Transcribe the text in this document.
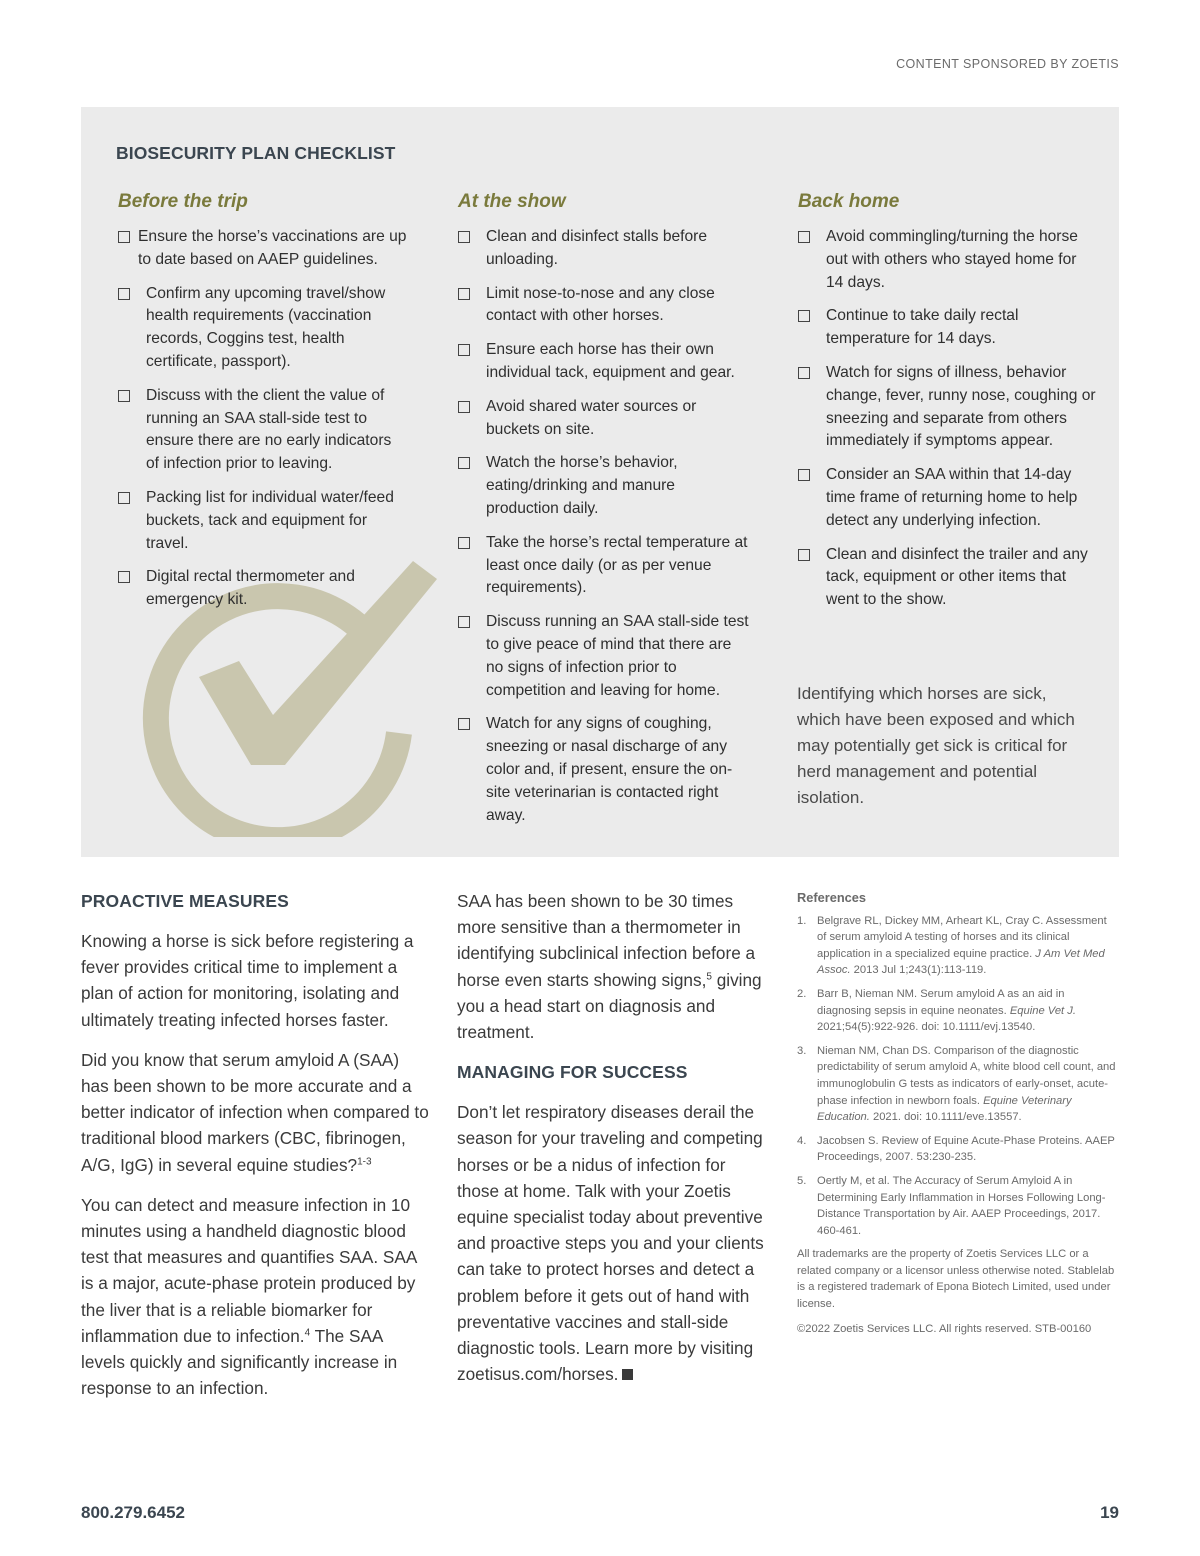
CONTENT SPONSORED BY ZOETIS
BIOSECURITY PLAN CHECKLIST
Before the trip
Ensure the horse’s vaccinations are up to date based on AAEP guidelines.
Confirm any upcoming travel/show health requirements (vaccination records, Coggins test, health certificate, passport).
Discuss with the client the value of running an SAA stall-side test to ensure there are no early indicators of infection prior to leaving.
Packing list for individual water/feed buckets, tack and equipment for travel.
Digital rectal thermometer and emergency kit.
At the show
Clean and disinfect stalls before unloading.
Limit nose-to-nose and any close contact with other horses.
Ensure each horse has their own individual tack, equipment and gear.
Avoid shared water sources or buckets on site.
Watch the horse’s behavior, eating/drinking and manure production daily.
Take the horse’s rectal temperature at least once daily (or as per venue requirements).
Discuss running an SAA stall-side test to give peace of mind that there are no signs of infection prior to competition and leaving for home.
Watch for any signs of coughing, sneezing or nasal discharge of any color and, if present, ensure the on-site veterinarian is contacted right away.
Back home
Avoid commingling/turning the horse out with others who stayed home for 14 days.
Continue to take daily rectal temperature for 14 days.
Watch for signs of illness, behavior change, fever, runny nose, coughing or sneezing and separate from others immediately if symptoms appear.
Consider an SAA within that 14-day time frame of returning home to help detect any underlying infection.
Clean and disinfect the trailer and any tack, equipment or other items that went to the show.

Identifying which horses are sick, which have been exposed and which may potentially get sick is critical for herd management and potential isolation.

PROACTIVE MEASURES

Knowing a horse is sick before registering a fever provides critical time to implement a plan of action for monitoring, isolating and ultimately treating infected horses faster.

Did you know that serum amyloid A (SAA) has been shown to be more accurate and a better indicator of infection when compared to traditional blood markers (CBC, fibrinogen, A/G, IgG) in several equine studies?$^{1-3}$

You can detect and measure infection in 10 minutes using a handheld diagnostic blood test that measures and quantifies SAA. SAA is a major, acute-phase protein produced by the liver that is a reliable biomarker for inflammation due to infection.$^4$ The SAA levels quickly and significantly increase in response to an infection.

SAA has been shown to be 30 times more sensitive than a thermometer in identifying subclinical infection before a horse even starts showing signs,$^5$ giving you a head start on diagnosis and treatment.

MANAGING FOR SUCCESS

Don’t let respiratory diseases derail the season for your traveling and competing horses or be a nidus of infection for those at home. Talk with your Zoetis equine specialist today about preventive and proactive steps you and your clients can take to protect horses and detect a problem before it gets out of hand with preventative vaccines and stall-side diagnostic tools. Learn more by visiting zoetisus.com/horses.

References
1. Belgrave RL, Dickey MM, Arheart KL, Cray C. Assessment of serum amyloid A testing of horses and its clinical application in a specialized equine practice. J Am Vet Med Assoc. 2013 Jul 1;243(1):113-119.
2. Barr B, Nieman NM. Serum amyloid A as an aid in diagnosing sepsis in equine neonates. Equine Vet J. 2021;54(5):922-926. doi: 10.1111/evj.13540.
3. Nieman NM, Chan DS. Comparison of the diagnostic predictability of serum amyloid A, white blood cell count, and immunoglobulin G tests as indicators of early-onset, acute-phase infection in newborn foals. Equine Veterinary Education. 2021. doi: 10.1111/eve.13557.
4. Jacobsen S. Review of Equine Acute-Phase Proteins. AAEP Proceedings, 2007. 53:230-235.
5. Oertly M, et al. The Accuracy of Serum Amyloid A in Determining Early Inflammation in Horses Following Long-Distance Transportation by Air. AAEP Proceedings, 2017. 460-461.

All trademarks are the property of Zoetis Services LLC or a related company or a licensor unless otherwise noted. Stablelab is a registered trademark of Epona Biotech Limited, used under license.

©2022 Zoetis Services LLC. All rights reserved. STB-00160

800.279.6452	19
